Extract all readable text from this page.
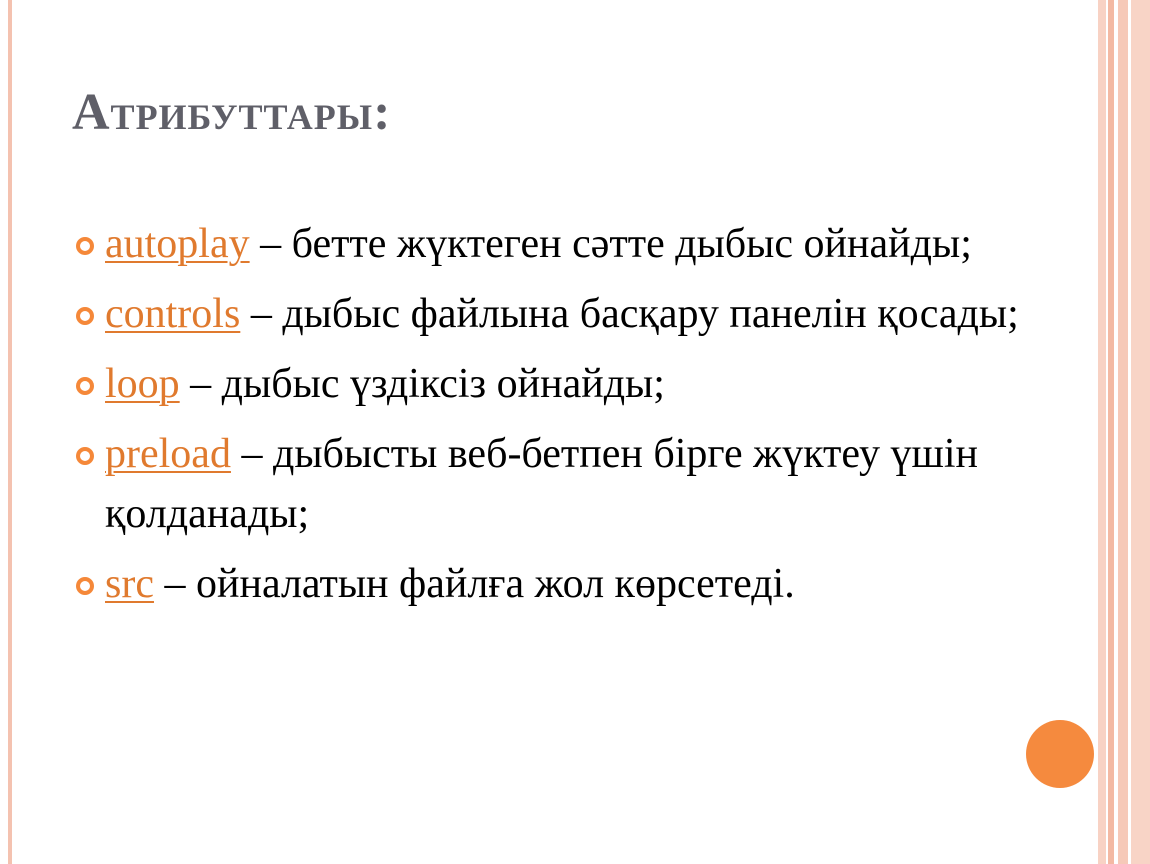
Атрибуттары:
autoplay – бетте жүктеген сәтте дыбыс ойнайды;
controls – дыбыс файлына басқару панелін қосады;
loop – дыбыс үздіксіз ойнайды;
preload – дыбысты веб-бетпен бірге жүктеу үшін қолданады;
src – ойналатын файлға жол көрсетеді.
